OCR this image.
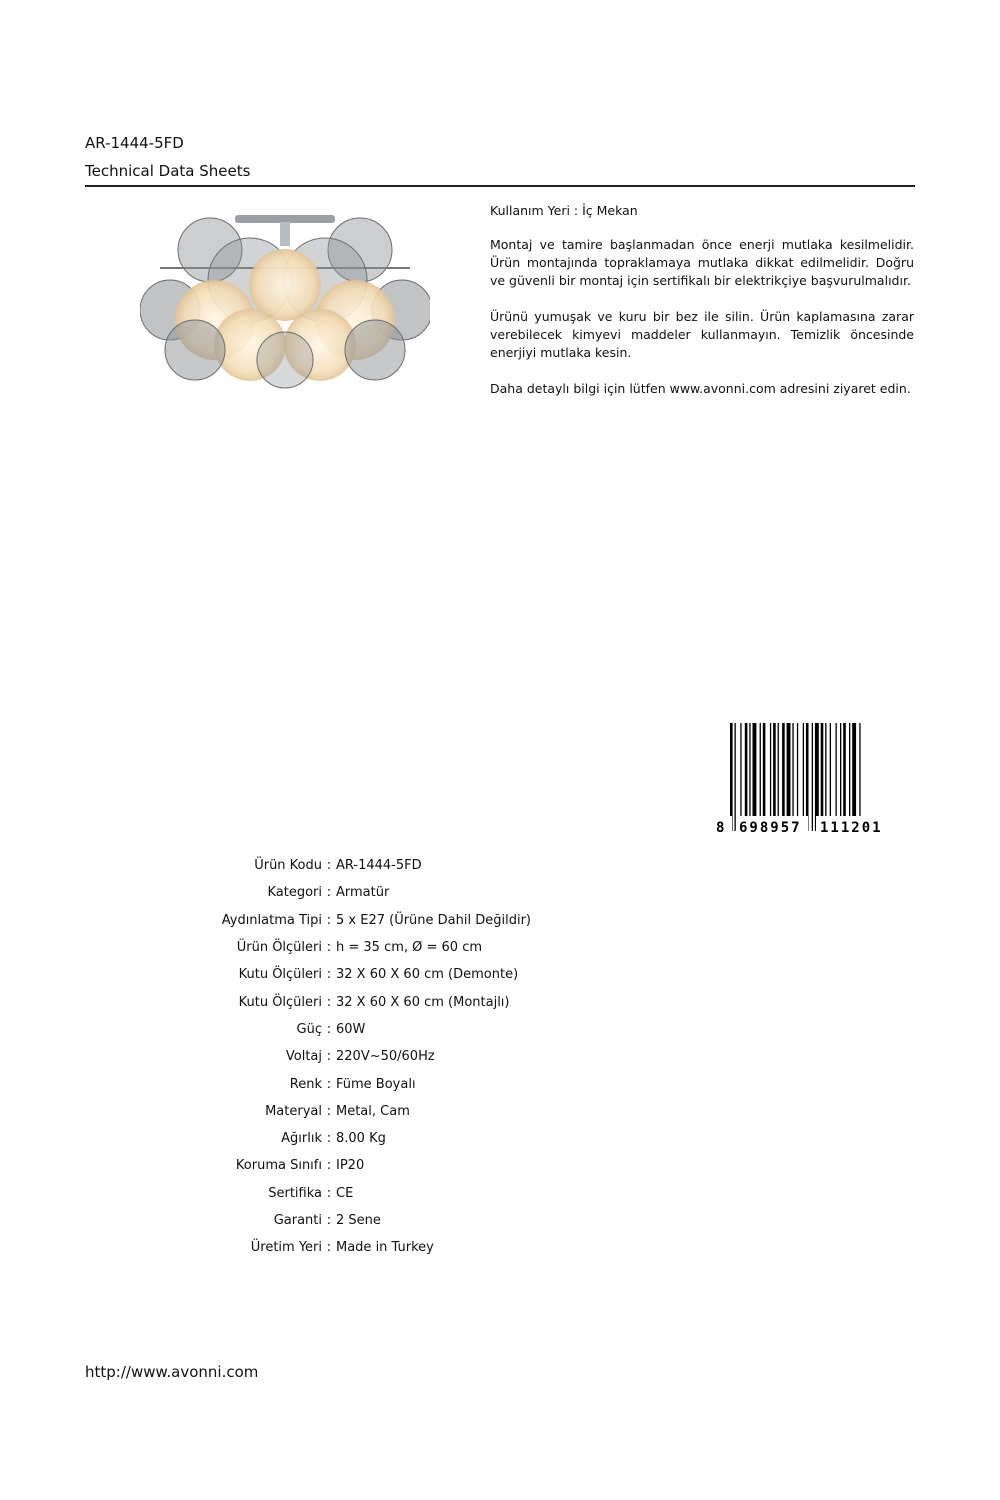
AR-1444-5FD
Technical Data Sheets

Kullanım Yeri : İç Mekan

Montaj ve tamire başlanmadan önce enerji mutlaka kesilmelidir. Ürün montajında topraklamaya mutlaka dikkat edilmelidir. Doğru ve güvenli bir montaj için sertifikalı bir elektrikçiye başvurulmalıdır.

Ürünü yumuşak ve kuru bir bez ile silin. Ürün kaplamasına zarar verebilecek kimyevi maddeler kullanmayın. Temizlik öncesinde enerjiyi mutlaka kesin.

Daha detaylı bilgi için lütfen www.avonni.com adresini ziyaret edin.

8 698957 111201
Ürün Kodu : AR-1444-5FD
Kategori : Armatür
Aydınlatma Tipi : 5 x E27 (Ürüne Dahil Değildir)
Ürün Ölçüleri : h = 35 cm, Ø = 60 cm
Kutu Ölçüleri : 32 X 60 X 60 cm (Demonte)
Kutu Ölçüleri : 32 X 60 X 60 cm (Montajlı)
Güç : 60W
Voltaj : 220V~50/60Hz
Renk : Füme Boyalı
Materyal : Metal, Cam
Ağırlık : 8.00 Kg
Koruma Sınıfı : IP20
Sertifika : CE
Garanti : 2 Sene
Üretim Yeri : Made in Turkey
http://www.avonni.com
